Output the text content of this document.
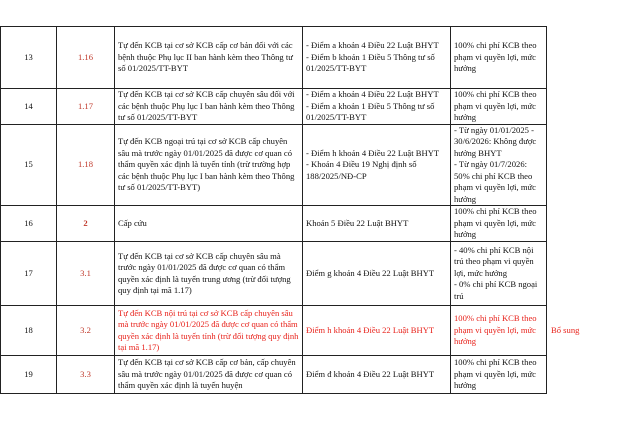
13	1.16	Tự đến KCB tại cơ sở KCB cấp cơ bản đối với các bệnh thuộc Phụ lục II ban hành kèm theo Thông tư số 01/2025/TT-BYT	- Điểm a khoản 4 Điều 22 Luật BHYT
- Điểm b khoản 1 Điều 5 Thông tư số 01/2025/TT-BYT	100% chi phí KCB theo phạm vi quyền lợi, mức hưởng	

14	1.17	Tự đến KCB tại cơ sở KCB cấp chuyên sâu đối với các bệnh thuộc Phụ lục I ban hành kèm theo Thông tư số 01/2025/TT-BYT	- Điểm a khoản 4 Điều 22 Luật BHYT
- Điểm a khoản 1 Điều 5 Thông tư số 01/2025/TT-BYT	100% chi phí KCB theo phạm vi quyền lợi, mức hưởng	

15	1.18	Tự đến KCB ngoại trú tại cơ sở KCB cấp chuyên sâu mà trước ngày 01/01/2025 đã được cơ quan có thẩm quyền xác định là tuyến tỉnh (trừ trường hợp các bệnh thuộc Phụ lục I ban hành kèm theo Thông tư số 01/2025/TT-BYT)	- Điểm h khoản 4 Điều 22 Luật BHYT
- Khoản 4 Điều 19 Nghị định số 188/2025/NĐ-CP	- Từ ngày 01/01/2025 - 30/6/2026: Không được hưởng BHYT
- Từ ngày 01/7/2026: 50% chi phí KCB theo phạm vi quyền lợi, mức hưởng	

16	2	Cấp cứu	Khoản 5 Điều 22 Luật BHYT	100% chi phí KCB theo phạm vi quyền lợi, mức hưởng	

17	3.1	Tự đến KCB tại cơ sở KCB cấp chuyên sâu mà trước ngày 01/01/2025 đã được cơ quan có thẩm quyền xác định là tuyến trung ương (trừ đối tượng quy định tại mã 1.17)	Điểm g khoản 4 Điều 22 Luật BHYT	- 40% chi phí KCB nội trú theo phạm vi quyền lợi, mức hưởng
- 0% chi phí KCB ngoại trú	

18	3.2	Tự đến KCB nội trú tại cơ sở KCB cấp chuyên sâu mà trước ngày 01/01/2025 đã được cơ quan có thẩm quyền xác định là tuyến tỉnh (trừ đối tượng quy định tại mã 1.17)	Điểm h khoản 4 Điều 22 Luật BHYT	100% chi phí KCB theo phạm vi quyền lợi, mức hưởng	Bổ sung
19	3.3	Tự đến KCB tại cơ sở KCB cấp cơ bản, cấp chuyên sâu mà trước ngày 01/01/2025 đã được cơ quan có thẩm quyền xác định là tuyến huyện	Điểm đ khoản 4 Điều 22 Luật BHYT	100% chi phí KCB theo phạm vi quyền lợi, mức hưởng	
